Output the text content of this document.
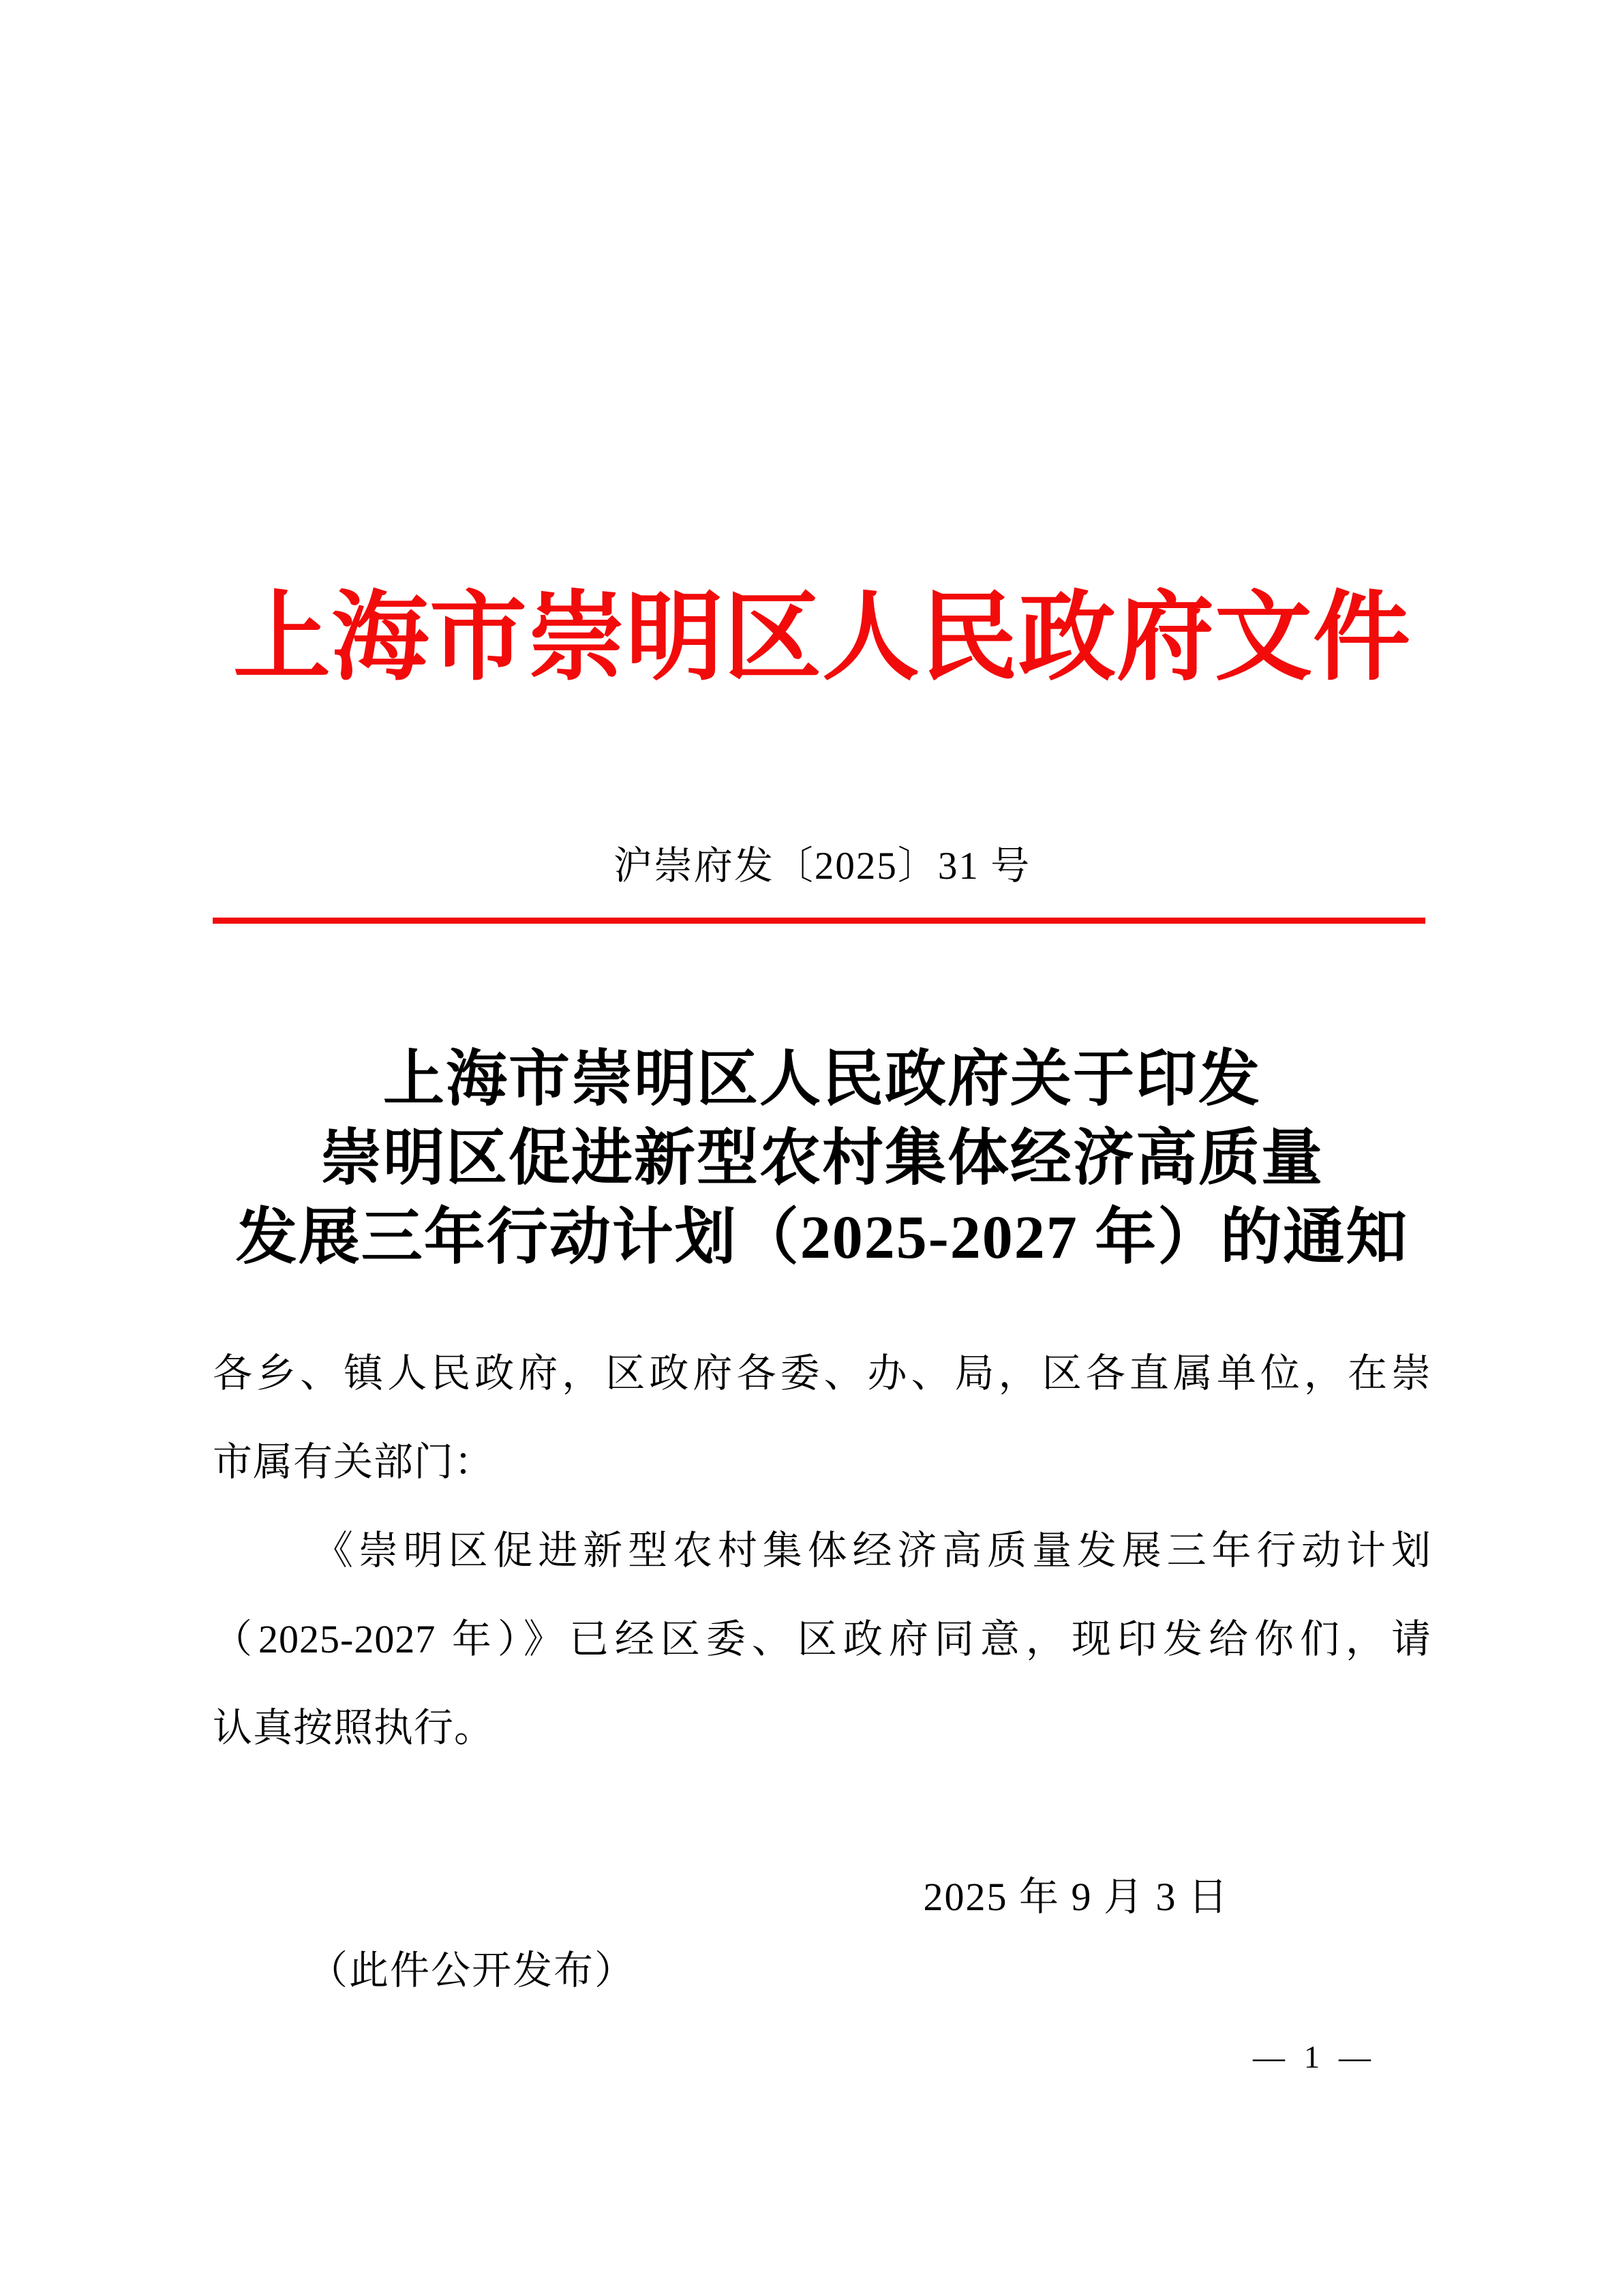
上海市崇明区人民政府文件
沪崇府发〔2025〕31 号
上海市崇明区人民政府关于印发
崇明区促进新型农村集体经济高质量
发展三年行动计划（2025-2027 年）的通知
各乡、镇人民政府，区政府各委、办、局，区各直属单位，在崇
市属有关部门：
《崇明区促进新型农村集体经济高质量发展三年行动计划
（2025-2027 年）》已经区委、区政府同意，现印发给你们，请
认真按照执行。
2025 年 9 月 3 日
（此件公开发布）
— 1 —
